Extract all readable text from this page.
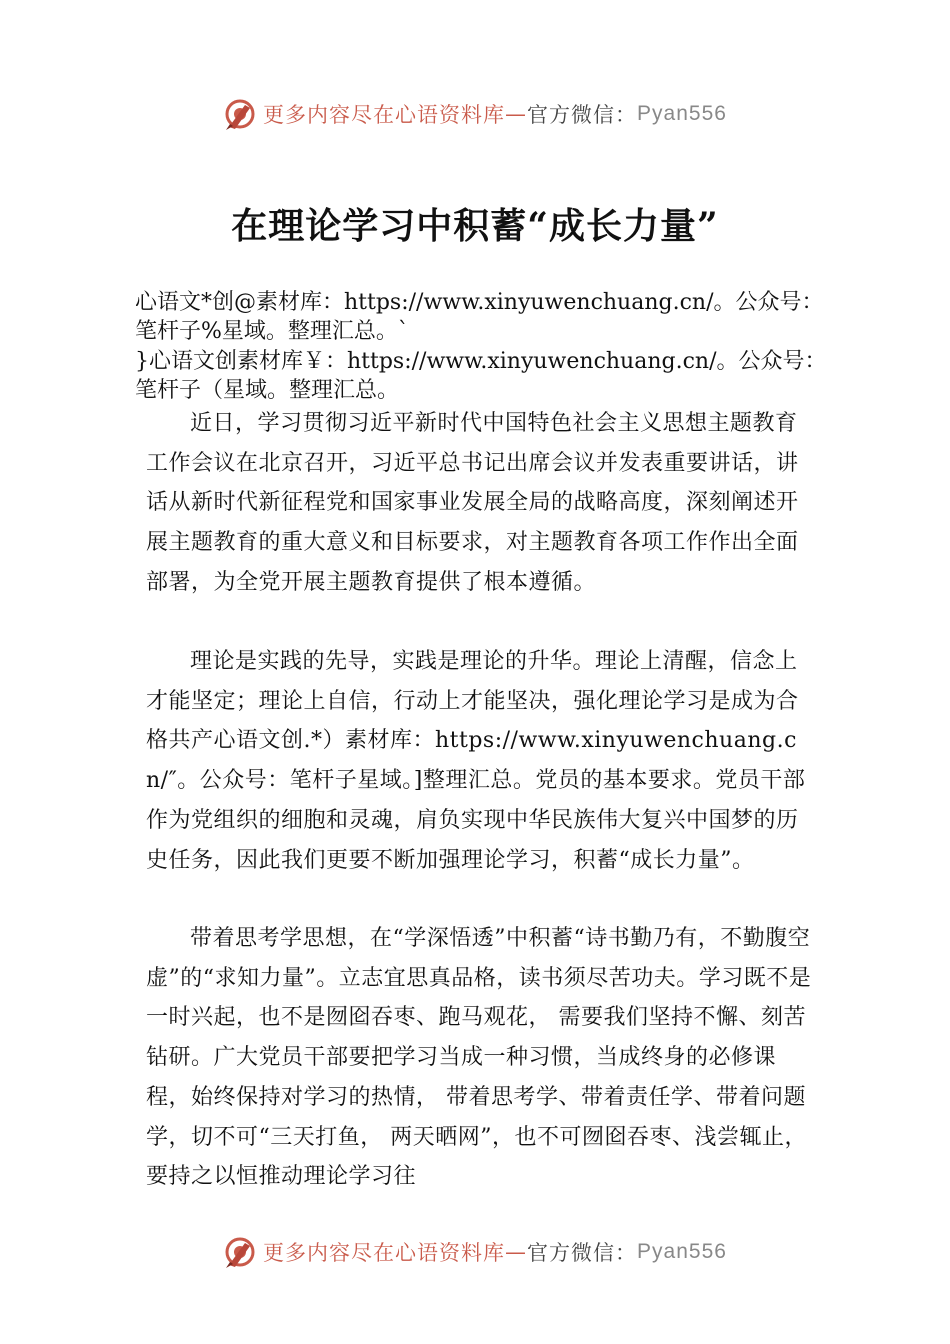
更多内容尽在心语资料库 — 官方微信： Pyan556
在理论学习中积蓄“成长力量”

心语文*创@素材库：https://www.xinyuwenchuang.cn/。公众号：笔杆子%星域。整理汇总。`

}心语文创素材库￥：https://www.xinyuwenchuang.cn/。公众号：笔杆子（星域。整理汇总。

近日，学习贯彻习近平新时代中国特色社会主义思想主题教育工作会议在北京召开，习近平总书记出席会议并发表重要讲话，讲话从新时代新征程党和国家事业发展全局的战略高度，深刻阐述开展主题教育的重大意义和目标要求，对主题教育各项工作作出全面部署，为全党开展主题教育提供了根本遵循。

理论是实践的先导，实践是理论的升华。理论上清醒，信念上才能坚定；理论上自信，行动上才能坚决，强化理论学习是成为合格共产心语文创.*）素材库：https://www.xinyuwenchuang.cn/″。公众号：笔杆子星域。]整理汇总。党员的基本要求。党员干部作为党组织的细胞和灵魂，肩负实现中华民族伟大复兴中国梦的历史任务，因此我们更要不断加强理论学习，积蓄“成长力量”。

带着思考学思想，在“学深悟透”中积蓄“诗书勤乃有，不勤腹空虚”的“求知力量”。立志宜思真品格，读书须尽苦功夫。学习既不是一时兴起，也不是囫囵吞枣、跑马观花， 需要我们坚持不懈、刻苦钻研。广大党员干部要把学习当成一种习惯，当成终身的必修课程，始终保持对学习的热情， 带着思考学、带着责任学、带着问题学，切不可“三天打鱼， 两天晒网”，也不可囫囵吞枣、浅尝辄止，要持之以恒推动理论学习往

更多内容尽在心语资料库 — 官方微信： Pyan556
